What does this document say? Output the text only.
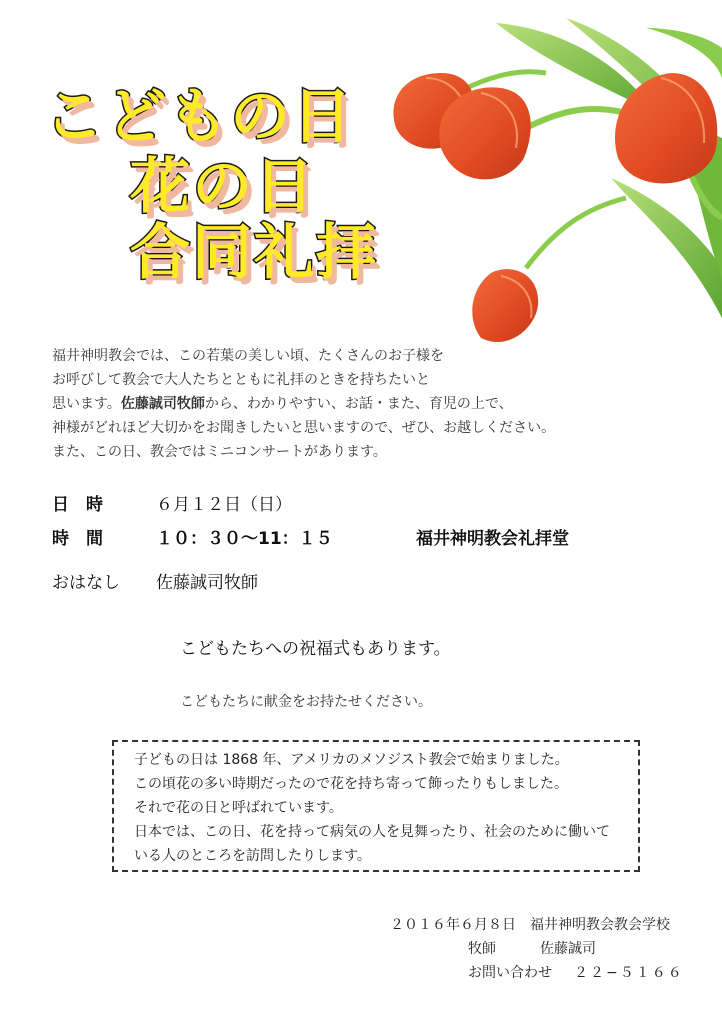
こどもの日
花の日
合同礼拝

福井神明教会では、この若葉の美しい頃、たくさんのお子様を

お呼びして教会で大人たちとともに礼拝のときを持ちたいと

思います。佐藤誠司牧師から、わかりやすい、お話・また、育児の上で、

神様がどれほど大切かをお聞きしたいと思いますので、ぜひ、お越しください。

また、この日、教会ではミニコンサートがあります。

日　時	６月１２日（日）
時　間	１０：３０〜11：１５	福井神明教会礼拝堂
おはなし 佐藤誠司牧師
こどもたちへの祝福式もあります。
こどもたちに献金をお持たせください。

子どもの日は 1868 年、アメリカのメソジスト教会で始まりました。

この頃花の多い時期だったので花を持ち寄って飾ったりもしました。

それで花の日と呼ばれています。

日本では、この日、花を持って病気の人を見舞ったり、社会のために働いて

いる人のところを訪問したりします。

２０１６年６月８日　福井神明教会教会学校
牧師	佐藤誠司
お問い合わせ ２２−５１６６
